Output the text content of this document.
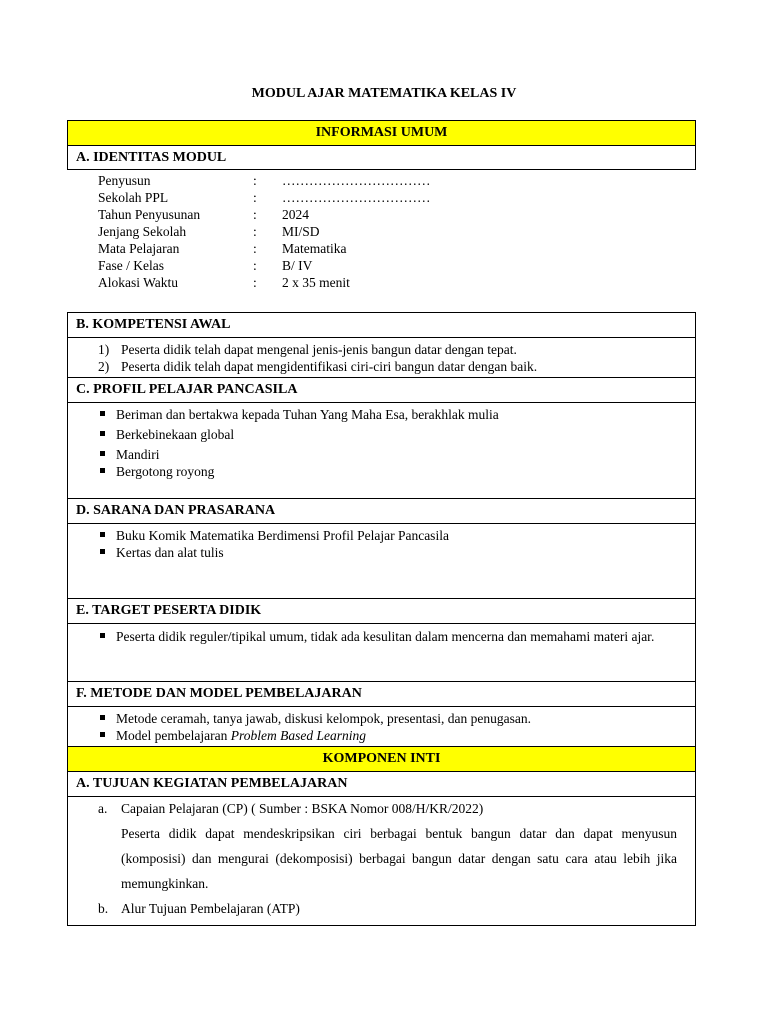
MODUL AJAR MATEMATIKA KELAS IV
INFORMASI UMUM
A. IDENTITAS MODUL
Penyusun	: ……………………………
Sekolah PPL	: ……………………………
Tahun Penyusunan	: 2024
Jenjang Sekolah	: MI/SD
Mata Pelajaran	: Matematika
Fase / Kelas	: B/ IV
Alokasi Waktu	: 2 x 35 menit
B. KOMPETENSI AWAL
1) Peserta didik telah dapat mengenal jenis-jenis bangun datar dengan tepat.
2) Peserta didik telah dapat mengidentifikasi ciri-ciri bangun datar dengan baik.
C. PROFIL PELAJAR PANCASILA
Beriman dan bertakwa kepada Tuhan Yang Maha Esa, berakhlak mulia
Berkebinekaan global
Mandiri
Bergotong royong
D. SARANA DAN PRASARANA
Buku Komik Matematika Berdimensi Profil Pelajar Pancasila
Kertas dan alat tulis
E. TARGET PESERTA DIDIK
Peserta didik reguler/tipikal umum, tidak ada kesulitan dalam mencerna dan memahami materi ajar.
F. METODE DAN MODEL PEMBELAJARAN
Metode ceramah, tanya jawab, diskusi kelompok, presentasi, dan penugasan.
Model pembelajaran Problem Based Learning
KOMPONEN INTI
A. TUJUAN KEGIATAN PEMBELAJARAN
a. Capaian Pelajaran (CP) ( Sumber : BSKA Nomor 008/H/KR/2022)
Peserta didik dapat mendeskripsikan ciri berbagai bentuk bangun datar dan dapat menyusun (komposisi) dan mengurai (dekomposisi) berbagai bangun datar dengan satu cara atau lebih jika memungkinkan.
b. Alur Tujuan Pembelajaran (ATP)
